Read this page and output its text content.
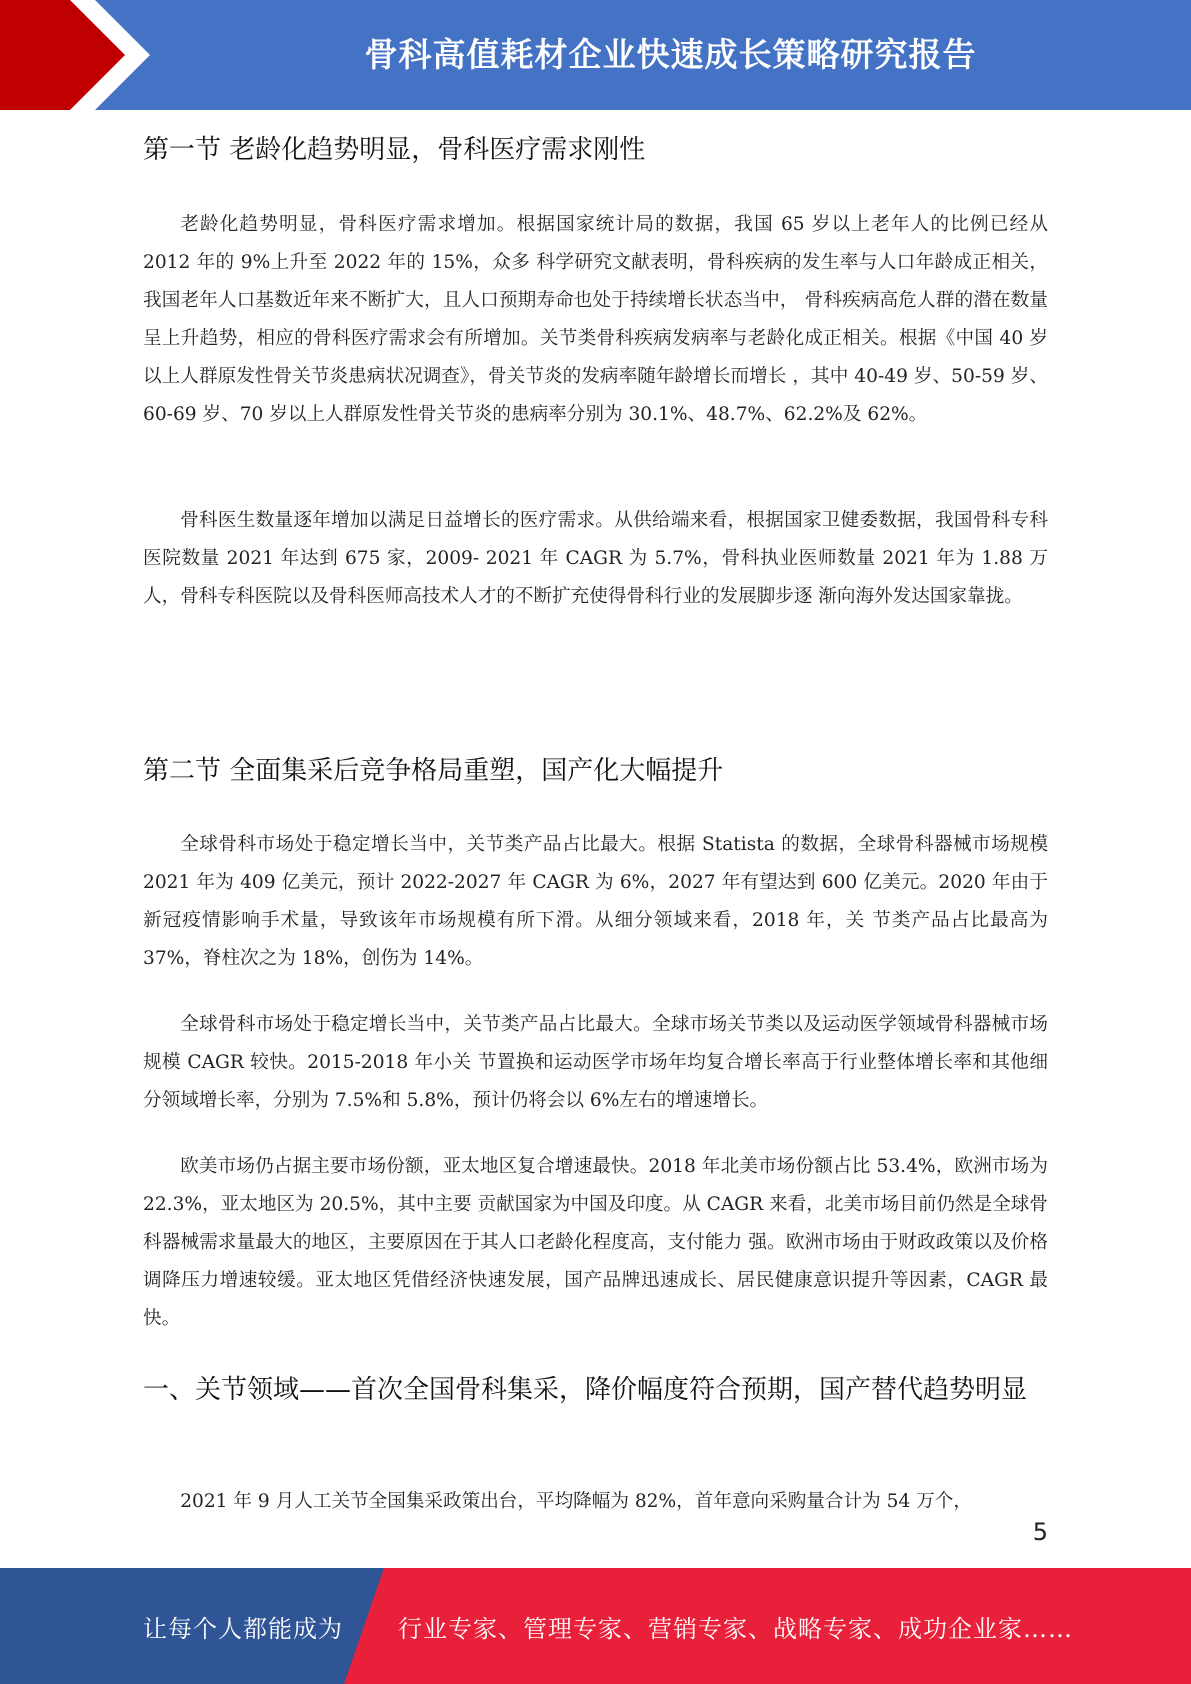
骨科高值耗材企业快速成长策略研究报告
第一节 老龄化趋势明显，骨科医疗需求刚性
老龄化趋势明显，骨科医疗需求增加。根据国家统计局的数据，我国 65 岁以上老年人的比例已经从 2012 年的 9%上升至 2022 年的 15%，众多 科学研究文献表明，骨科疾病的发生率与人口年龄成正相关，我国老年人口基数近年来不断扩大，且人口预期寿命也处于持续增长状态当中， 骨科疾病高危人群的潜在数量呈上升趋势，相应的骨科医疗需求会有所增加。关节类骨科疾病发病率与老龄化成正相关。根据《中国 40 岁以上人群原发性骨关节炎患病状况调查》，骨关节炎的发病率随年龄增长而增长 ，其中 40-49 岁、50-59 岁、60-69 岁、70 岁以上人群原发性骨关节炎的患病率分别为 30.1%、48.7%、62.2%及 62%。
骨科医生数量逐年增加以满足日益增长的医疗需求。从供给端来看，根据国家卫健委数据，我国骨科专科医院数量 2021 年达到 675 家，2009- 2021 年 CAGR 为 5.7%，骨科执业医师数量 2021 年为 1.88 万人，骨科专科医院以及骨科医师高技术人才的不断扩充使得骨科行业的发展脚步逐 渐向海外发达国家靠拢。
第二节 全面集采后竞争格局重塑，国产化大幅提升
全球骨科市场处于稳定增长当中，关节类产品占比最大。根据 Statista 的数据，全球骨科器械市场规模 2021 年为 409 亿美元，预计 2022-2027 年 CAGR 为 6%，2027 年有望达到 600 亿美元。2020 年由于新冠疫情影响手术量，导致该年市场规模有所下滑。从细分领域来看，2018 年，关 节类产品占比最高为 37%，脊柱次之为 18%，创伤为 14%。
全球骨科市场处于稳定增长当中，关节类产品占比最大。全球市场关节类以及运动医学领域骨科器械市场规模 CAGR 较快。2015-2018 年小关 节置换和运动医学市场年均复合增长率高于行业整体增长率和其他细分领域增长率，分别为 7.5%和 5.8%，预计仍将会以 6%左右的增速增长。
欧美市场仍占据主要市场份额，亚太地区复合增速最快。2018 年北美市场份额占比 53.4%，欧洲市场为 22.3%，亚太地区为 20.5%，其中主要 贡献国家为中国及印度。从 CAGR 来看，北美市场目前仍然是全球骨科器械需求量最大的地区，主要原因在于其人口老龄化程度高，支付能力 强。欧洲市场由于财政政策以及价格调降压力增速较缓。亚太地区凭借经济快速发展，国产品牌迅速成长、居民健康意识提升等因素，CAGR 最快。
一、关节领域——首次全国骨科集采，降价幅度符合预期，国产替代趋势明显
2021 年 9 月人工关节全国集采政策出台，平均降幅为 82%，首年意向采购量合计为 54 万个，
5
让每个人都能成为 行业专家、管理专家、营销专家、战略专家、成功企业家……
